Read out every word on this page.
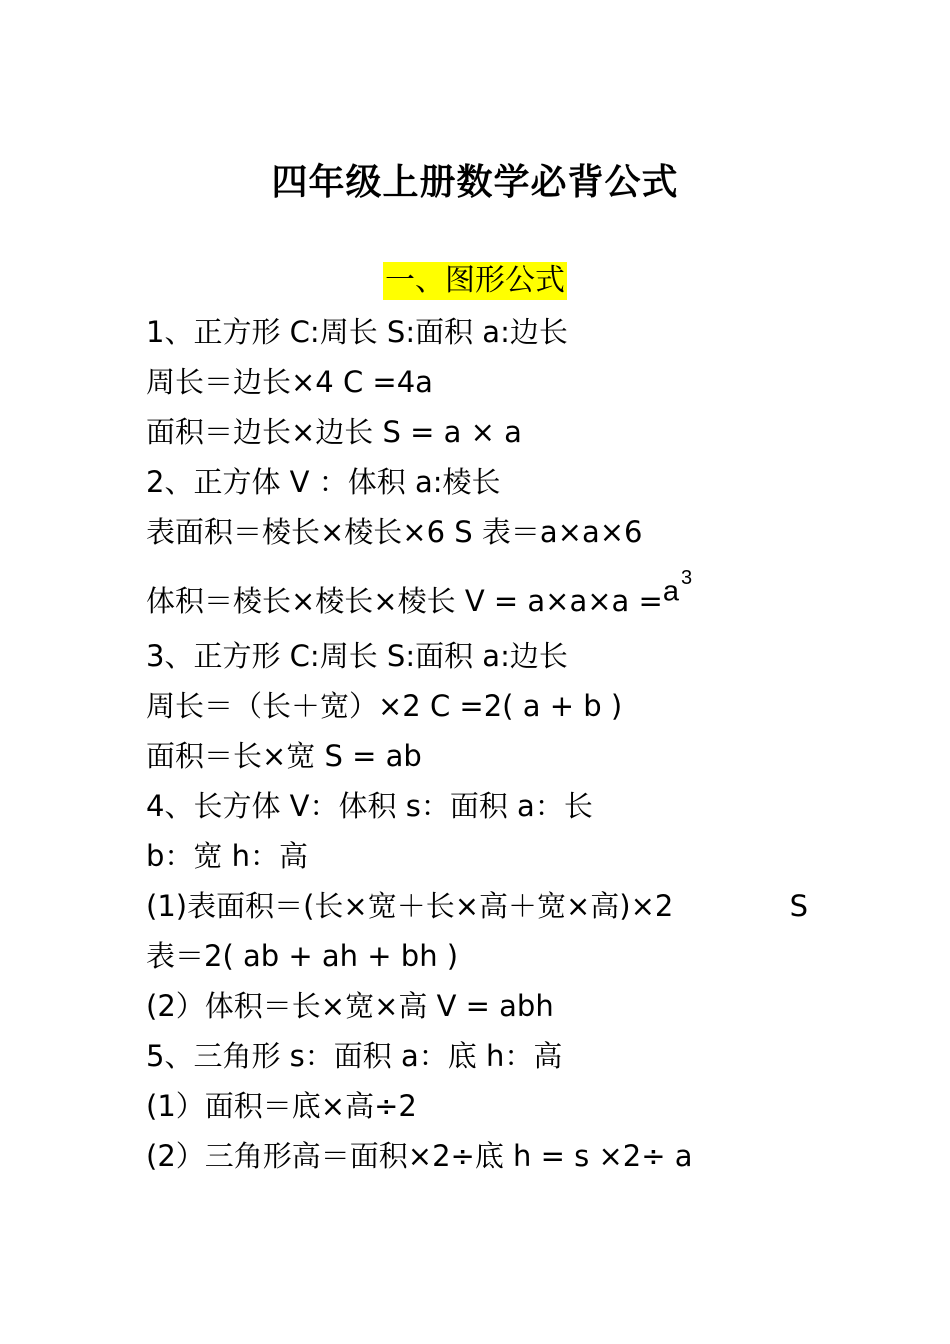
四年级上册数学必背公式
一、图形公式
1、正方形 C:周长 S:面积 a:边长
周长＝边长×4 C =4a
面积＝边长×边长 S = a × a
2、正方体 V ：体积 a:棱长
表面积＝棱长×棱长×6 S 表＝a×a×6
体积＝棱长×棱长×棱长 V = a×a×a =a $^3$
3、正方形 C:周长 S:面积 a:边长
周长＝（长＋宽）×2 C =2( a + b )
面积＝长×宽 S = ab
4、长方体 V：体积 s：面积 a：长
b：宽 h：高
(1)表面积＝(长×宽＋长×高＋宽×高)×2	S
表＝2( ab + ah + bh )
(2）体积＝长×宽×高 V = abh
5、三角形 s：面积 a：底 h：高
(1）面积＝底×高÷2
(2）三角形高＝面积×2÷底 h = s ×2÷ a
